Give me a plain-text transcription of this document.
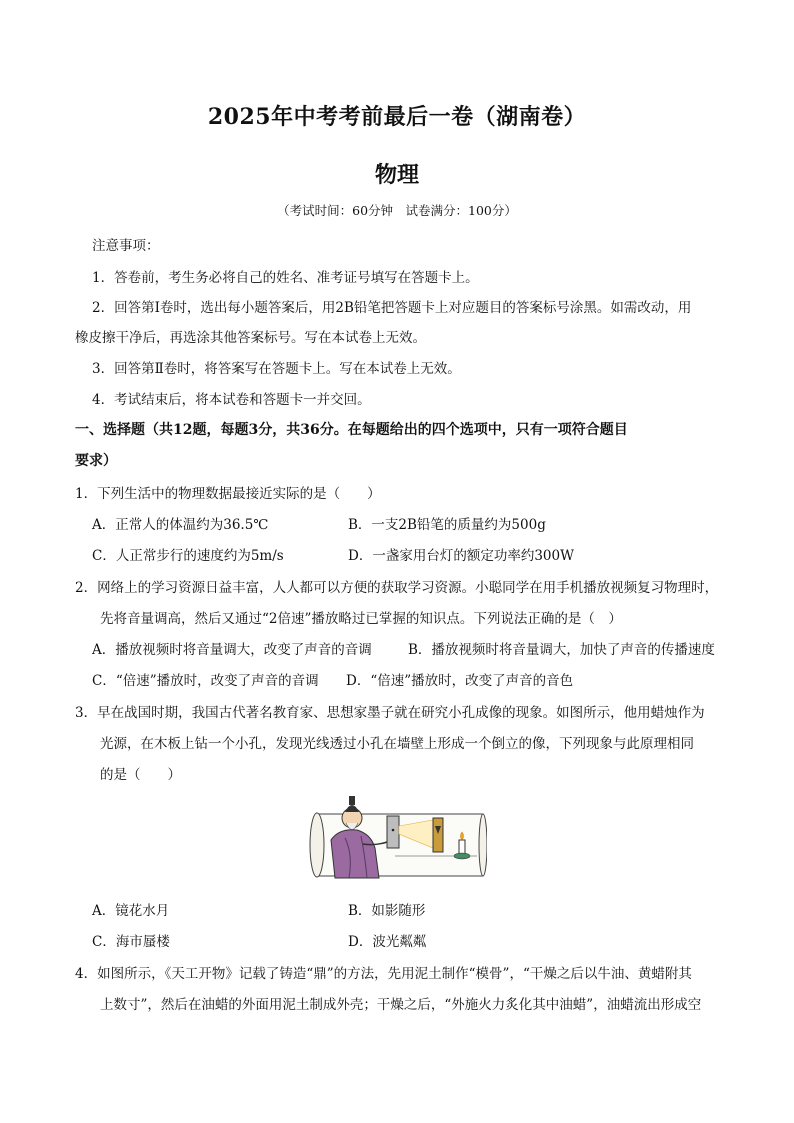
2025年中考考前最后一卷（湖南卷）
物理
（考试时间：60分钟　试卷满分：100分）
注意事项：
1．答卷前，考生务必将自己的姓名、准考证号填写在答题卡上。
2．回答第Ⅰ卷时，选出每小题答案后，用2B铅笔把答题卡上对应题目的答案标号涂黑。如需改动，用
橡皮擦干净后，再选涂其他答案标号。写在本试卷上无效。
3．回答第Ⅱ卷时，将答案写在答题卡上。写在本试卷上无效。
4．考试结束后，将本试卷和答题卡一并交回。
一、选择题（共12题，每题3分，共36分。在每题给出的四个选项中，只有一项符合题目
要求）
1．下列生活中的物理数据最接近实际的是（　　）
A．正常人的体温约为36.5℃	B．一支2B铅笔的质量约为500g
C．人正常步行的速度约为5m/s	D．一盏家用台灯的额定功率约300W
2．网络上的学习资源日益丰富，人人都可以方便的获取学习资源。小聪同学在用手机播放视频复习物理时，
先将音量调高，然后又通过“2倍速”播放略过已掌握的知识点。下列说法正确的是（　）
A．播放视频时将音量调大，改变了声音的音调	B．播放视频时将音量调大，加快了声音的传播速度
C．“倍速”播放时，改变了声音的音调 D．“倍速”播放时，改变了声音的音色
3．早在战国时期，我国古代著名教育家、思想家墨子就在研究小孔成像的现象。如图所示，他用蜡烛作为
光源，在木板上钻一个小孔，发现光线透过小孔在墙壁上形成一个倒立的像，下列现象与此原理相同
的是（　　）
A．镜花水月	B．如影随形
C．海市蜃楼	D．波光粼粼
4．如图所示，《天工开物》记载了铸造“鼎”的方法，先用泥土制作“模骨”，“干燥之后以牛油、黄蜡附其
上数寸”，然后在油蜡的外面用泥土制成外壳；干燥之后，“外施火力炙化其中油蜡”，油蜡流出形成空
